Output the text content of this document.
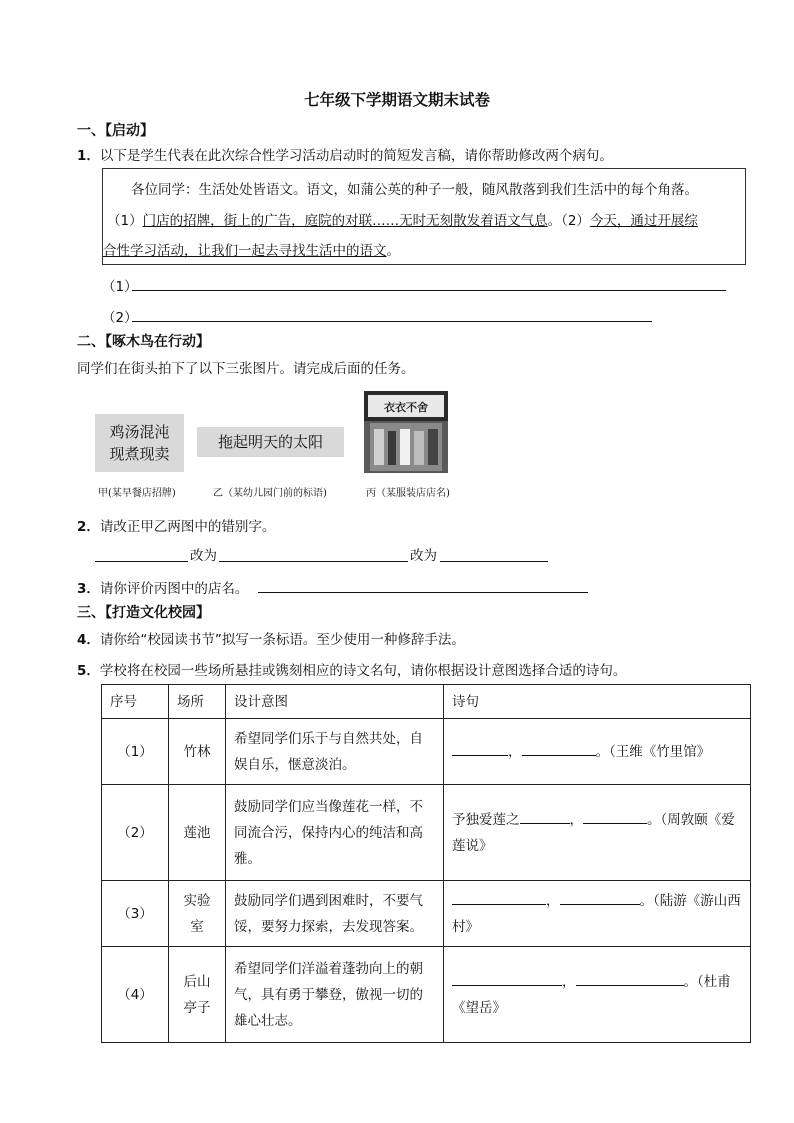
七年级下学期语文期末试卷
一、【启动】
1．以下是学生代表在此次综合性学习活动启动时的简短发言稿，请你帮助修改两个病句。

各位同学：生活处处皆语文。语文，如蒲公英的种子一般，随风散落到我们生活中的每个角落。

（1）门店的招牌，街上的广告，庭院的对联……无时无刻散发着语文气息。（2）今天，通过开展综

合性学习活动，让我们一起去寻找生活中的语文。

（1）
（2）
二、【啄木鸟在行动】
同学们在街头拍下了以下三张图片。请完成后面的任务。
鸡汤混沌
现煮现卖
拖起明天的太阳
衣衣不舍
甲(某早餐店招牌)	乙（某幼儿园门前的标语)	丙（某服装店店名)
2．请改正甲乙两图中的错别字。
改为	改为
3．请你评价丙图中的店名。
三、【打造文化校园】
4．请你给“校园读书节”拟写一条标语。至少使用一种修辞手法。
5．学校将在校园一些场所悬挂或镌刻相应的诗文名句，请你根据设计意图选择合适的诗句。
序号	场所	设计意图	诗句
（1）	竹林	希望同学们乐于与自然共处，自娱自乐，惬意淡泊。	， 。（王维《竹里馆》
（2）	莲池	鼓励同学们应当像莲花一样，不同流合污，保持内心的纯洁和高雅。	予独爱莲之 ， 。（周敦颐《爱莲说》
（3）	实验室	鼓励同学们遇到困难时，不要气馁，要努力探索，去发现答案。	， 。（陆游《游山西村》
（4）	后山亭子	希望同学们洋溢着蓬勃向上的朝气，具有勇于攀登，傲视一切的雄心壮志。	， 。（杜甫《望岳》
